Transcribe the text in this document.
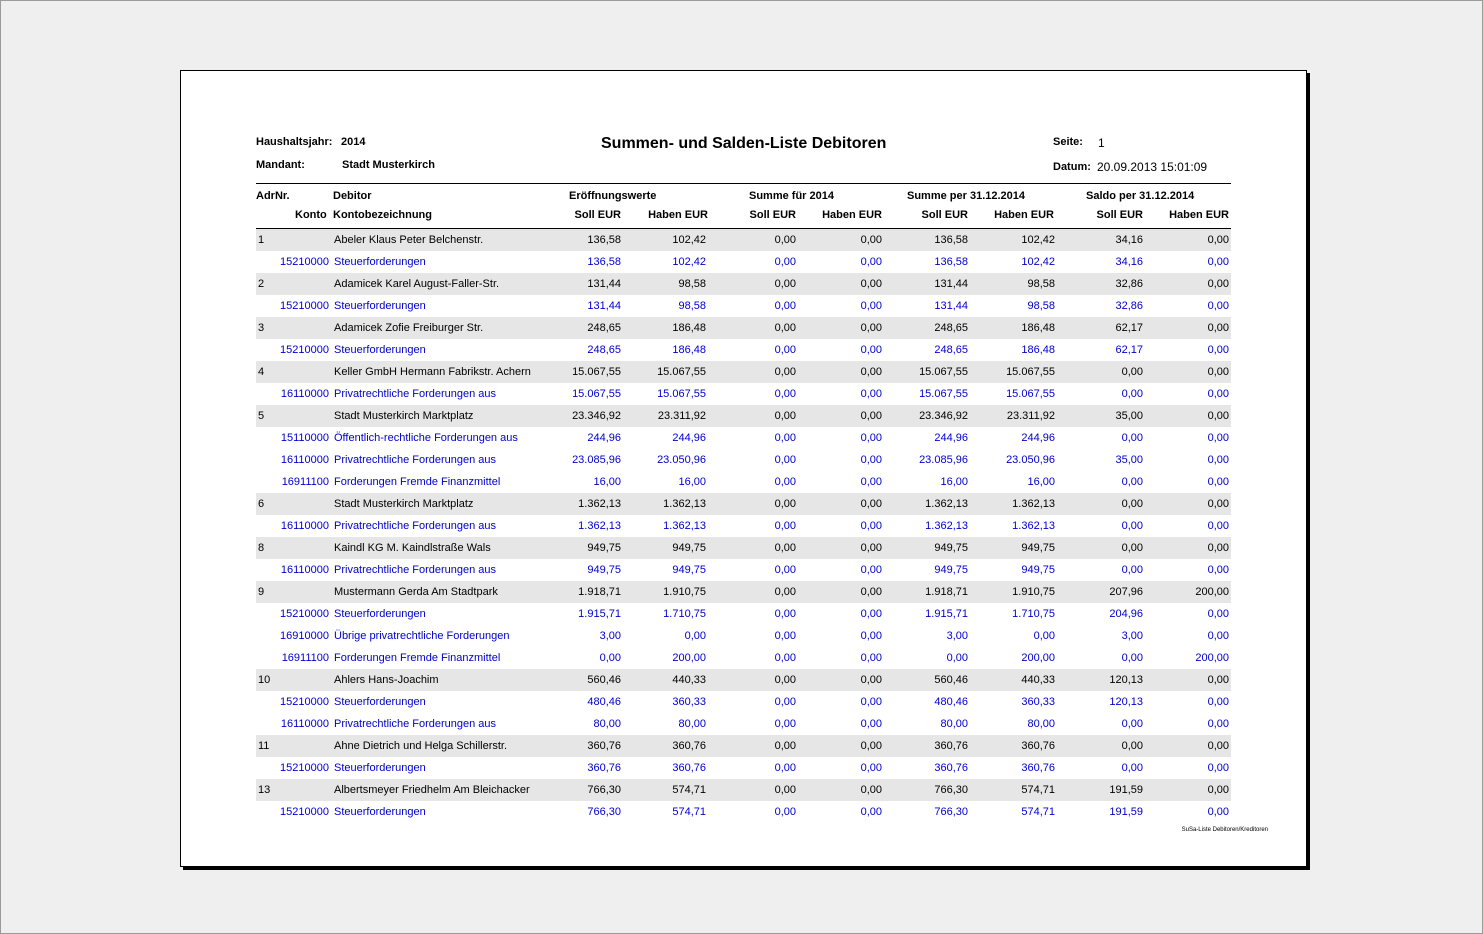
Haushaltsjahr: 2014
Mandant:	Stadt Musterkirch
Summen- und Salden-Liste Debitoren	Seite: 1
Datum: 20.09.2013 15:01:09
AdrNr.	Debitor
Konto Kontobezeichnung
Eröffnungswerte	Summe für 2014	Summe per 31.12.2014	Saldo per 31.12.2014
Soll EUR Haben EUR	Soll EUR Haben EUR	Soll EUR Haben EUR	Soll EUR Haben EUR
1	Abeler Klaus Peter Belchenstr.	136,58	102,42	0,00	0,00	136,58	102,42	34,16	0,00
15210000 Steuerforderungen	136,58	102,42	0,00	0,00	136,58	102,42	34,16	0,00
2	Adamicek Karel August-Faller-Str.	131,44	98,58	0,00	0,00	131,44	98,58	32,86	0,00
15210000 Steuerforderungen	131,44	98,58	0,00	0,00	131,44	98,58	32,86	0,00
3	Adamicek Zofie Freiburger Str.	248,65	186,48	0,00	0,00	248,65	186,48	62,17	0,00
15210000 Steuerforderungen	248,65	186,48	0,00	0,00	248,65	186,48	62,17	0,00
4	Keller GmbH Hermann Fabrikstr. Achern	15.067,55	15.067,55	0,00	0,00	15.067,55	15.067,55	0,00	0,00
16110000 Privatrechtliche Forderungen aus	15.067,55	15.067,55	0,00	0,00	15.067,55	15.067,55	0,00	0,00
5	Stadt Musterkirch Marktplatz	23.346,92	23.311,92	0,00	0,00	23.346,92	23.311,92	35,00	0,00
15110000 Öffentlich-rechtliche Forderungen aus	244,96	244,96	0,00	0,00	244,96	244,96	0,00	0,00
16110000 Privatrechtliche Forderungen aus	23.085,96	23.050,96	0,00	0,00	23.085,96	23.050,96	35,00	0,00
16911100 Forderungen Fremde Finanzmittel	16,00	16,00	0,00	0,00	16,00	16,00	0,00	0,00
6	Stadt Musterkirch Marktplatz	1.362,13	1.362,13	0,00	0,00	1.362,13	1.362,13	0,00	0,00
16110000 Privatrechtliche Forderungen aus	1.362,13	1.362,13	0,00	0,00	1.362,13	1.362,13	0,00	0,00
8	Kaindl KG M. Kaindlstraße Wals	949,75	949,75	0,00	0,00	949,75	949,75	0,00	0,00
16110000 Privatrechtliche Forderungen aus	949,75	949,75	0,00	0,00	949,75	949,75	0,00	0,00
9	Mustermann Gerda Am Stadtpark	1.918,71	1.910,75	0,00	0,00	1.918,71	1.910,75	207,96	200,00
15210000 Steuerforderungen	1.915,71	1.710,75	0,00	0,00	1.915,71	1.710,75	204,96	0,00
16910000 Übrige privatrechtliche Forderungen	3,00	0,00	0,00	0,00	3,00	0,00	3,00	0,00
16911100 Forderungen Fremde Finanzmittel	0,00	200,00	0,00	0,00	0,00	200,00	0,00	200,00
10	Ahlers Hans-Joachim	560,46	440,33	0,00	0,00	560,46	440,33	120,13	0,00
15210000 Steuerforderungen	480,46	360,33	0,00	0,00	480,46	360,33	120,13	0,00
16110000 Privatrechtliche Forderungen aus	80,00	80,00	0,00	0,00	80,00	80,00	0,00	0,00
11	Ahne Dietrich und Helga Schillerstr.	360,76	360,76	0,00	0,00	360,76	360,76	0,00	0,00
15210000 Steuerforderungen	360,76	360,76	0,00	0,00	360,76	360,76	0,00	0,00
13	Albertsmeyer Friedhelm Am Bleichacker	766,30	574,71	0,00	0,00	766,30	574,71	191,59	0,00
15210000 Steuerforderungen	766,30	574,71	0,00	0,00	766,30	574,71	191,59	0,00
SuSa-Liste Debitoren/Kreditoren
